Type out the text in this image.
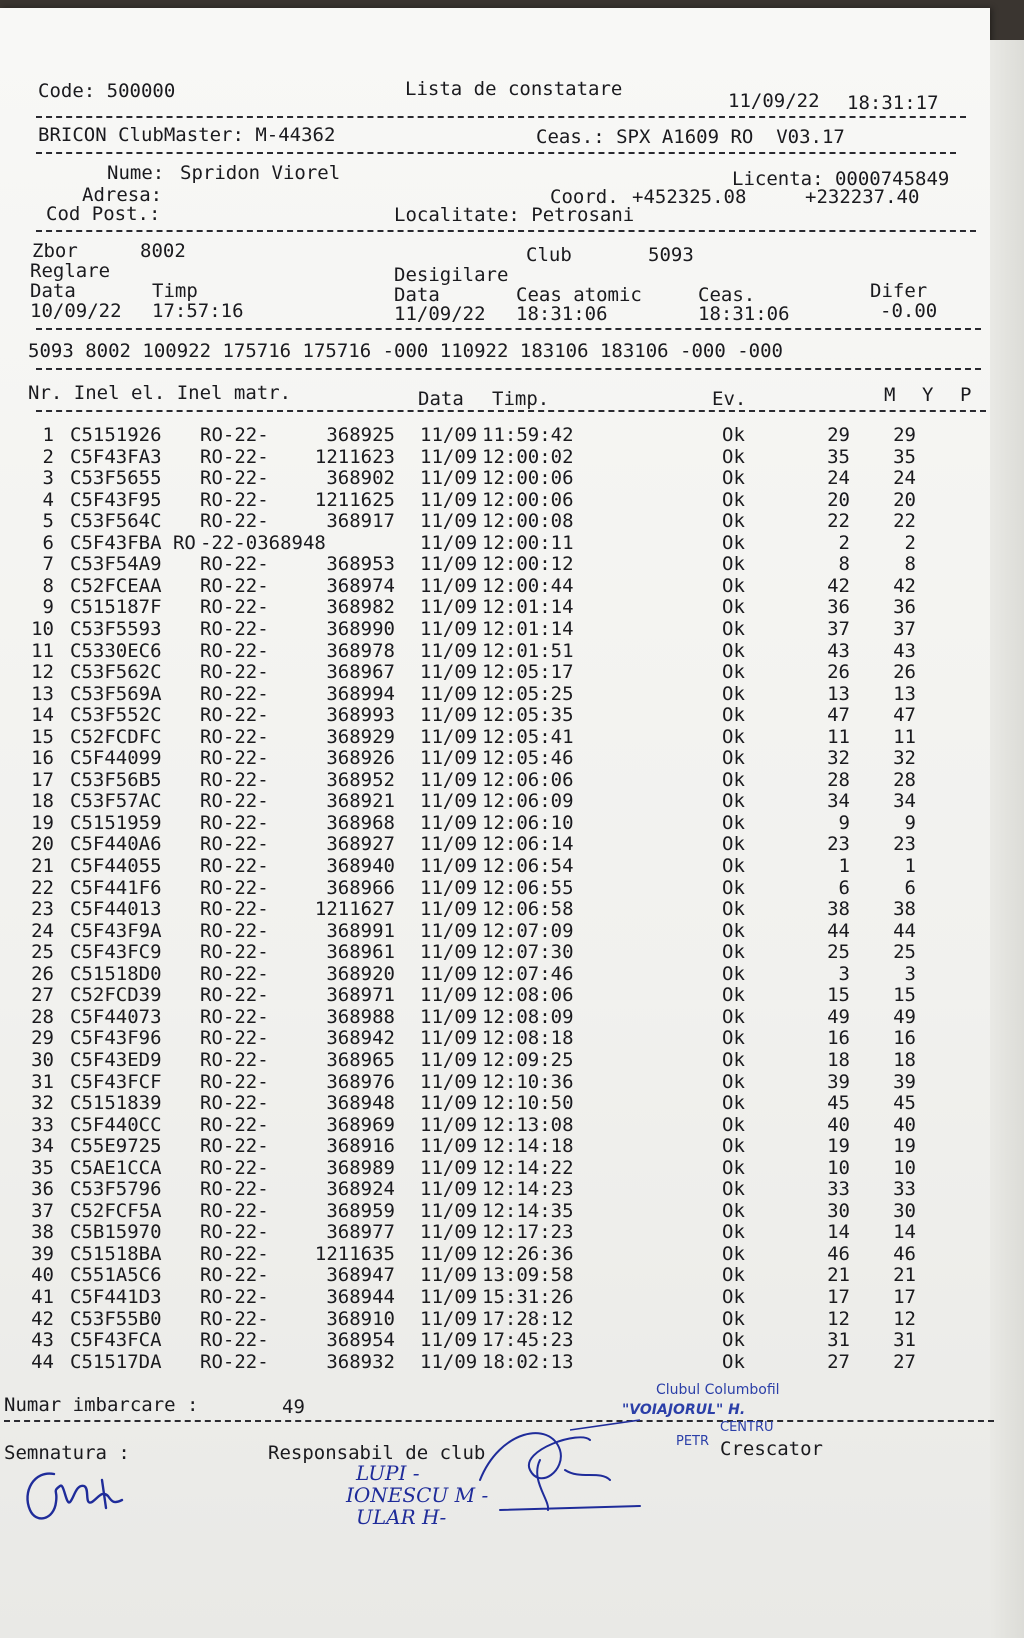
Code: 500000	Lista de constatare
11/09/22 18:31:17
BRICON ClubMaster: M-44362	Ceas.: SPX A1609 RO  V03.17
Nume: Spridon Viorel	Licenta: 0000745849
Adresa:	Coord. +452325.08	+232237.40
Cod Post.:	Localitate: Petrosani
Zbor	8002	Club	5093
Reglare	Desigilare
Data	Timp	Data	Ceas atomic	Ceas.	Difer
10/09/22 17:57:16	11/09/22 18:31:06	18:31:06	-0.00
5093 8002 100922 175716 175716 -000 110922 183106 183106 -000 -000
Nr. Inel el. Inel matr.	Data Timp.	Ev.	M Y P
1 C5151926 RO-22-	368925 11/09 11:59:42	Ok	29	29
2 C5F43FA3 RO-22-	1211623 11/09 12:00:02	Ok	35	35
3 C53F5655 RO-22-	368902 11/09 12:00:06	Ok	24	24
4 C5F43F95 RO-22-	1211625 11/09 12:00:06	Ok	20	20
5 C53F564C RO-22-	368917 11/09 12:00:08	Ok	22	22
6 C5F43FBA RO -22-0368948	11/09 12:00:11	Ok	2	2
7 C53F54A9 RO-22-	368953 11/09 12:00:12	Ok	8	8
8 C52FCEAA RO-22-	368974 11/09 12:00:44	Ok	42	42
9 C515187F RO-22-	368982 11/09 12:01:14	Ok	36	36
10 C53F5593 RO-22-	368990 11/09 12:01:14	Ok	37	37
11 C5330EC6 RO-22-	368978 11/09 12:01:51	Ok	43	43
12 C53F562C RO-22-	368967 11/09 12:05:17	Ok	26	26
13 C53F569A RO-22-	368994 11/09 12:05:25	Ok	13	13
14 C53F552C RO-22-	368993 11/09 12:05:35	Ok	47	47
15 C52FCDFC RO-22-	368929 11/09 12:05:41	Ok	11	11
16 C5F44099 RO-22-	368926 11/09 12:05:46	Ok	32	32
17 C53F56B5 RO-22-	368952 11/09 12:06:06	Ok	28	28
18 C53F57AC RO-22-	368921 11/09 12:06:09	Ok	34	34
19 C5151959 RO-22-	368968 11/09 12:06:10	Ok	9	9
20 C5F440A6 RO-22-	368927 11/09 12:06:14	Ok	23	23
21 C5F44055 RO-22-	368940 11/09 12:06:54	Ok	1	1
22 C5F441F6 RO-22-	368966 11/09 12:06:55	Ok	6	6
23 C5F44013 RO-22-	1211627 11/09 12:06:58	Ok	38	38
24 C5F43F9A RO-22-	368991 11/09 12:07:09	Ok	44	44
25 C5F43FC9 RO-22-	368961 11/09 12:07:30	Ok	25	25
26 C51518D0 RO-22-	368920 11/09 12:07:46	Ok	3	3
27 C52FCD39 RO-22-	368971 11/09 12:08:06	Ok	15	15
28 C5F44073 RO-22-	368988 11/09 12:08:09	Ok	49	49
29 C5F43F96 RO-22-	368942 11/09 12:08:18	Ok	16	16
30 C5F43ED9 RO-22-	368965 11/09 12:09:25	Ok	18	18
31 C5F43FCF RO-22-	368976 11/09 12:10:36	Ok	39	39
32 C5151839 RO-22-	368948 11/09 12:10:50	Ok	45	45
33 C5F440CC RO-22-	368969 11/09 12:13:08	Ok	40	40
34 C55E9725 RO-22-	368916 11/09 12:14:18	Ok	19	19
35 C5AE1CCA RO-22-	368989 11/09 12:14:22	Ok	10	10
36 C53F5796 RO-22-	368924 11/09 12:14:23	Ok	33	33
37 C52FCF5A RO-22-	368959 11/09 12:14:35	Ok	30	30
38 C5B15970 RO-22-	368977 11/09 12:17:23	Ok	14	14
39 C51518BA RO-22-	1211635 11/09 12:26:36	Ok	46	46
40 C551A5C6 RO-22-	368947 11/09 13:09:58	Ok	21	21
41 C5F441D3 RO-22-	368944 11/09 15:31:26	Ok	17	17
42 C53F55B0 RO-22-	368910 11/09 17:28:12	Ok	12	12
43 C5F43FCA RO-22-	368954 11/09 17:45:23	Ok	31	31
44 C51517DA RO-22-	368932 11/09 18:02:13	Ok	27	27
Numar imbarcare :	49
Semnatura :	Responsabil de club	Crescator
LUPI -
IONESCU M -
ULAR H-
Clubul Columbofil
"VOIAJORUL" H.
CENTRU
PETR
